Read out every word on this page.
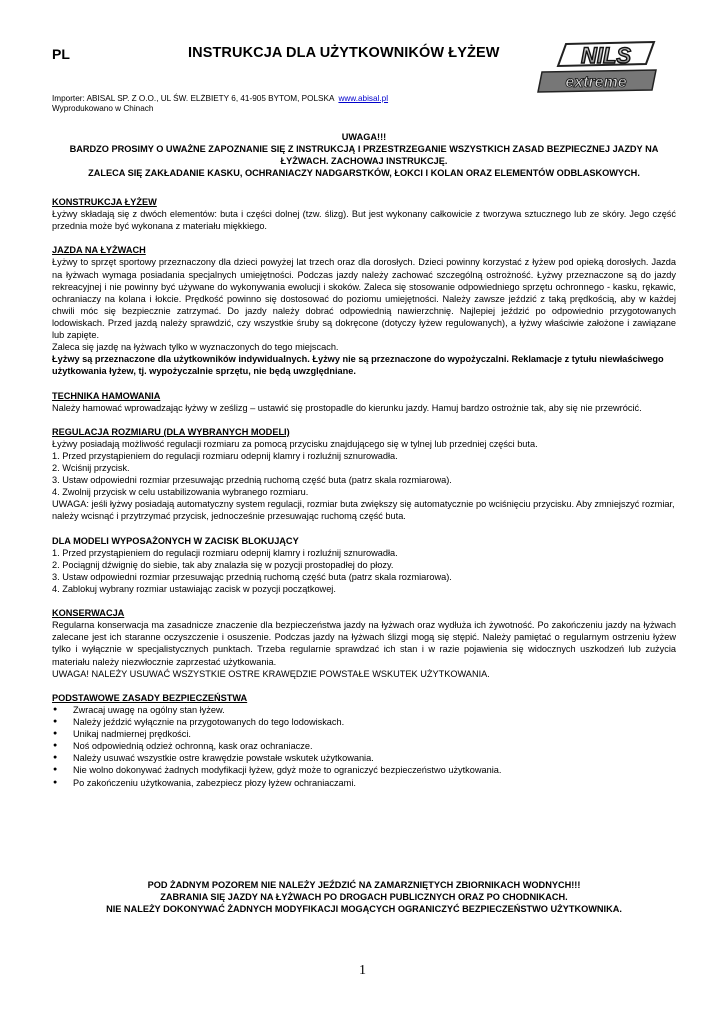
PL	INSTRUKCJA DLA UŻYTKOWNIKÓW ŁYŻEW	NILS
extreme
Importer: ABISAL SP. Z O.O., UL ŚW. ELŻBIETY 6, 41-905 BYTOM, POLSKA www.abisal.pl
Wyprodukowano w Chinach
UWAGA!!!
BARDZO PROSIMY O UWAŻNE ZAPOZNANIE SIĘ Z INSTRUKCJĄ I PRZESTRZEGANIE WSZYSTKICH ZASAD BEZPIECZNEJ JAZDY NA ŁYŻWACH. ZACHOWAJ INSTRUKCJĘ.
ZALECA SIĘ ZAKŁADANIE KASKU, OCHRANIACZY NADGARSTKÓW, ŁOKCI I KOLAN ORAZ ELEMENTÓW ODBLASKOWYCH.
KONSTRUKCJA ŁYŻEW
Łyżwy składają się z dwóch elementów: buta i części dolnej (tzw. ślizg). But jest wykonany całkowicie z tworzywa sztucznego lub ze skóry. Jego część przednia może być wykonana z materiału miękkiego.
JAZDA NA ŁYŻWACH
Łyżwy to sprzęt sportowy przeznaczony dla dzieci powyżej lat trzech oraz dla dorosłych. Dzieci powinny korzystać z łyżew pod opieką dorosłych. Jazda na łyżwach wymaga posiadania specjalnych umiejętności. Podczas jazdy należy zachować szczególną ostrożność. Łyżwy przeznaczone są do jazdy rekreacyjnej i nie powinny być używane do wykonywania ewolucji i skoków. Zaleca się stosowanie odpowiedniego sprzętu ochronnego - kasku, rękawic, ochraniaczy na kolana i łokcie. Prędkość powinno się dostosować do poziomu umiejętności. Należy zawsze jeździć z taką prędkością, aby w każdej chwili móc się bezpiecznie zatrzymać. Do jazdy należy dobrać odpowiednią nawierzchnię. Najlepiej jeździć po odpowiednio przygotowanych lodowiskach. Przed jazdą należy sprawdzić, czy wszystkie śruby są dokręcone (dotyczy łyżew regulowanych), a łyżwy właściwie założone i zawiązane lub zapięte.
Zaleca się jazdę na łyżwach tylko w wyznaczonych do tego miejscach.
Łyżwy są przeznaczone dla użytkowników indywidualnych. Łyżwy nie są przeznaczone do wypożyczalni. Reklamacje z tytułu niewłaściwego użytkowania łyżew, tj. wypożyczalnie sprzętu, nie będą uwzględniane.
TECHNIKA HAMOWANIA
Należy hamować wprowadzając łyżwy w ześlizg – ustawić się prostopadle do kierunku jazdy. Hamuj bardzo ostrożnie tak, aby się nie przewrócić.
REGULACJA ROZMIARU (DLA WYBRANYCH MODELI)
Łyżwy posiadają możliwość regulacji rozmiaru za pomocą przycisku znajdującego się w tylnej lub przedniej części buta.
1. Przed przystąpieniem do regulacji rozmiaru odepnij klamry i rozluźnij sznurowadła.
2. Wciśnij przycisk.
3. Ustaw odpowiedni rozmiar przesuwając przednią ruchomą część buta (patrz skala rozmiarowa).
4. Zwolnij przycisk w celu ustabilizowania wybranego rozmiaru.
UWAGA: jeśli łyżwy posiadają automatyczny system regulacji, rozmiar buta zwiększy się automatycznie po wciśnięciu przycisku. Aby zmniejszyć rozmiar, należy wcisnąć i przytrzymać przycisk, jednocześnie przesuwając ruchomą część buta.
DLA MODELI WYPOSAŻONYCH W ZACISK BLOKUJĄCY
1. Przed przystąpieniem do regulacji rozmiaru odepnij klamry i rozluźnij sznurowadła.
2. Pociągnij dźwignię do siebie, tak aby znalazła się w pozycji prostopadłej do płozy.
3. Ustaw odpowiedni rozmiar przesuwając przednią ruchomą część buta (patrz skala rozmiarowa).
4. Zablokuj wybrany rozmiar ustawiając zacisk w pozycji początkowej.
KONSERWACJA
Regularna konserwacja ma zasadnicze znaczenie dla bezpieczeństwa jazdy na łyżwach oraz wydłuża ich żywotność. Po zakończeniu jazdy na łyżwach zalecane jest ich staranne oczyszczenie i osuszenie. Podczas jazdy na łyżwach ślizgi mogą się stępić. Należy pamiętać o regularnym ostrzeniu łyżew tylko i wyłącznie w specjalistycznych punktach. Trzeba regularnie sprawdzać ich stan i w razie pojawienia się widocznych uszkodzeń lub zużycia materiału należy niezwłocznie zaprzestać użytkowania.
UWAGA! NALEŻY USUWAĆ WSZYSTKIE OSTRE KRAWĘDZIE POWSTAŁE WSKUTEK UŻYTKOWANIA.
PODSTAWOWE ZASADY BEZPIECZEŃSTWA
● Zwracaj uwagę na ogólny stan łyżew.
● Należy jeździć wyłącznie na przygotowanych do tego lodowiskach.
● Unikaj nadmiernej prędkości.
● Noś odpowiednią odzież ochronną, kask oraz ochraniacze.
● Należy usuwać wszystkie ostre krawędzie powstałe wskutek użytkowania.
● Nie wolno dokonywać żadnych modyfikacji łyżew, gdyż może to ograniczyć bezpieczeństwo użytkowania.
● Po zakończeniu użytkowania, zabezpiecz płozy łyżew ochraniaczami.
POD ŻADNYM POZOREM NIE NALEŻY JEŹDZIĆ NA ZAMARZNIĘTYCH ZBIORNIKACH WODNYCH!!!
ZABRANIA SIĘ JAZDY NA ŁYŻWACH PO DROGACH PUBLICZNYCH ORAZ PO CHODNIKACH.
NIE NALEŻY DOKONYWAĆ ŻADNYCH MODYFIKACJI MOGĄCYCH OGRANICZYĆ BEZPIECZEŃSTWO UŻYTKOWNIKA.
1
